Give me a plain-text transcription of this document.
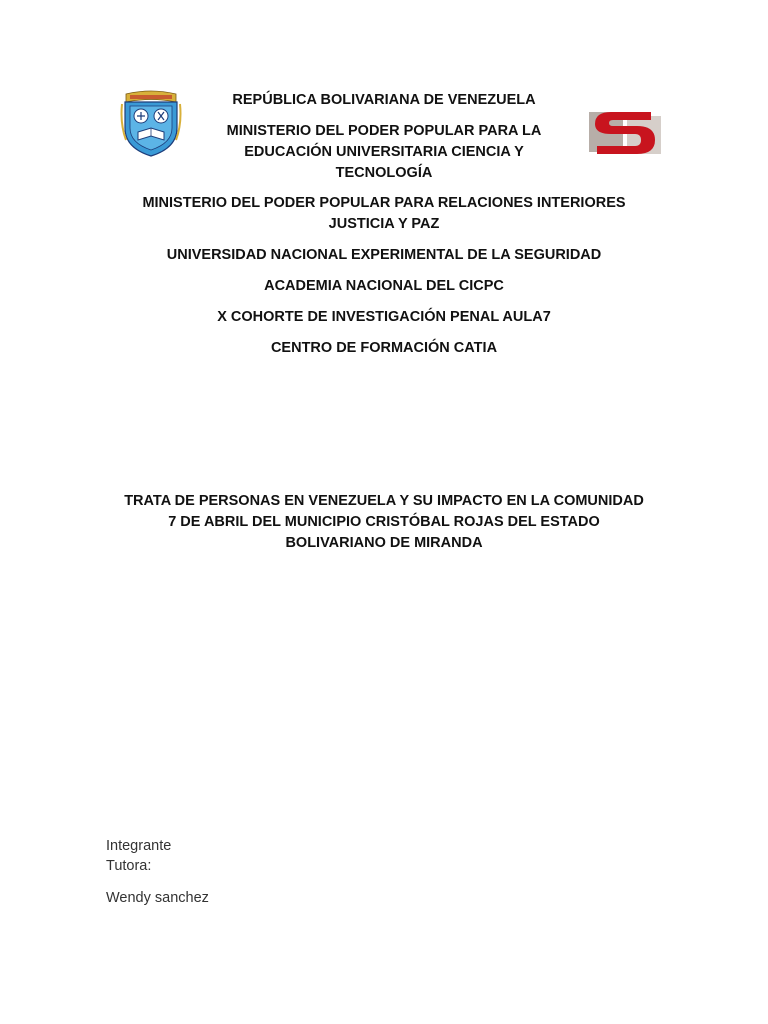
REPÚBLICA BOLIVARIANA DE VENEZUELA

MINISTERIO DEL PODER POPULAR PARA LA

EDUCACIÓN UNIVERSITARIA CIENCIA Y

TECNOLOGÍA

MINISTERIO DEL PODER POPULAR PARA RELACIONES INTERIORES

JUSTICIA Y PAZ

UNIVERSIDAD NACIONAL EXPERIMENTAL DE LA SEGURIDAD

ACADEMIA NACIONAL DEL CICPC

X COHORTE DE INVESTIGACIÓN PENAL AULA7

CENTRO DE FORMACIÓN CATIA

TRATA DE PERSONAS EN VENEZUELA Y SU IMPACTO EN LA COMUNIDAD

7 DE ABRIL DEL MUNICIPIO CRISTÓBAL ROJAS DEL ESTADO

BOLIVARIANO DE MIRANDA

Integrante

Tutora:

Wendy sanchez
